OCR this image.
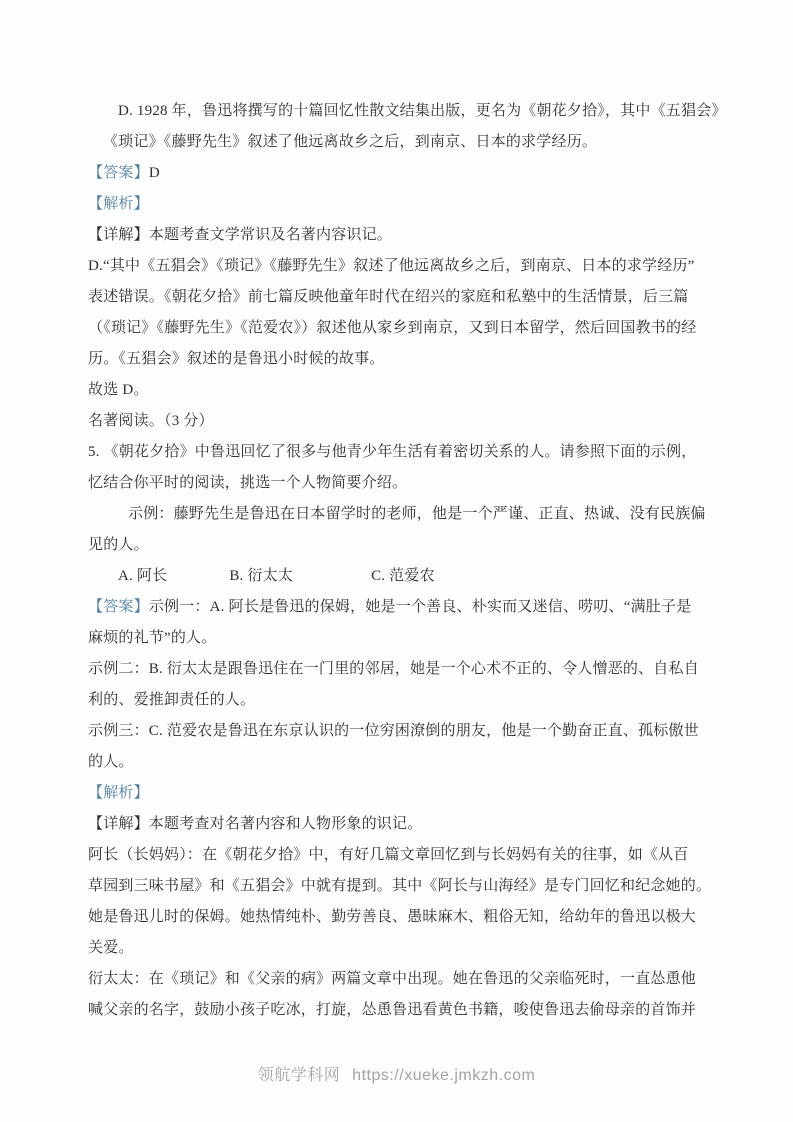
D. 1928 年，鲁迅将撰写的十篇回忆性散文结集出版，更名为《朝花夕拾》，其中《五猖会》
《琐记》《藤野先生》叙述了他远离故乡之后，到南京、日本的求学经历。
【答案】D
【解析】
【详解】本题考查文学常识及名著内容识记。
D.“其中《五猖会》《琐记》《藤野先生》叙述了他远离故乡之后，到南京、日本的求学经历”
表述错误。《朝花夕拾》前七篇反映他童年时代在绍兴的家庭和私塾中的生活情景，后三篇
（《琐记》《藤野先生》《范爱农》）叙述他从家乡到南京，又到日本留学，然后回国教书的经
历。《五猖会》叙述的是鲁迅小时候的故事。
故选 D。
名著阅读。（3 分）
5. 《朝花夕拾》中鲁迅回忆了很多与他青少年生活有着密切关系的人。请参照下面的示例，
忆结合你平时的阅读，挑选一个人物简要介绍。
示例：藤野先生是鲁迅在日本留学时的老师，他是一个严谨、正直、热诚、没有民族偏
见的人。
A. 阿长	B. 衍太太	C. 范爱农
【答案】示例一：A. 阿长是鲁迅的保姆，她是一个善良、朴实而又迷信、唠叨、“满肚子是
麻烦的礼节”的人。
示例二：B. 衍太太是跟鲁迅住在一门里的邻居，她是一个心术不正的、令人憎恶的、自私自
利的、爱推卸责任的人。
示例三：C. 范爱农是鲁迅在东京认识的一位穷困潦倒的朋友，他是一个勤奋正直、孤标傲世
的人。
【解析】
【详解】本题考查对名著内容和人物形象的识记。
阿长（长妈妈）：在《朝花夕拾》中，有好几篇文章回忆到与长妈妈有关的往事，如《从百
草园到三味书屋》和《五猖会》中就有提到。其中《阿长与山海经》是专门回忆和纪念她的。
她是鲁迅儿时的保姆。她热情纯朴、勤劳善良、愚昧麻木、粗俗无知，给幼年的鲁迅以极大
关爱。
衍太太：在《琐记》和《父亲的病》两篇文章中出现。她在鲁迅的父亲临死时，一直怂恿他
喊父亲的名字，鼓励小孩子吃冰，打旋，怂恿鲁迅看黄色书籍，唆使鲁迅去偷母亲的首饰并
领航学科网 https://xueke.jmkzh.com
